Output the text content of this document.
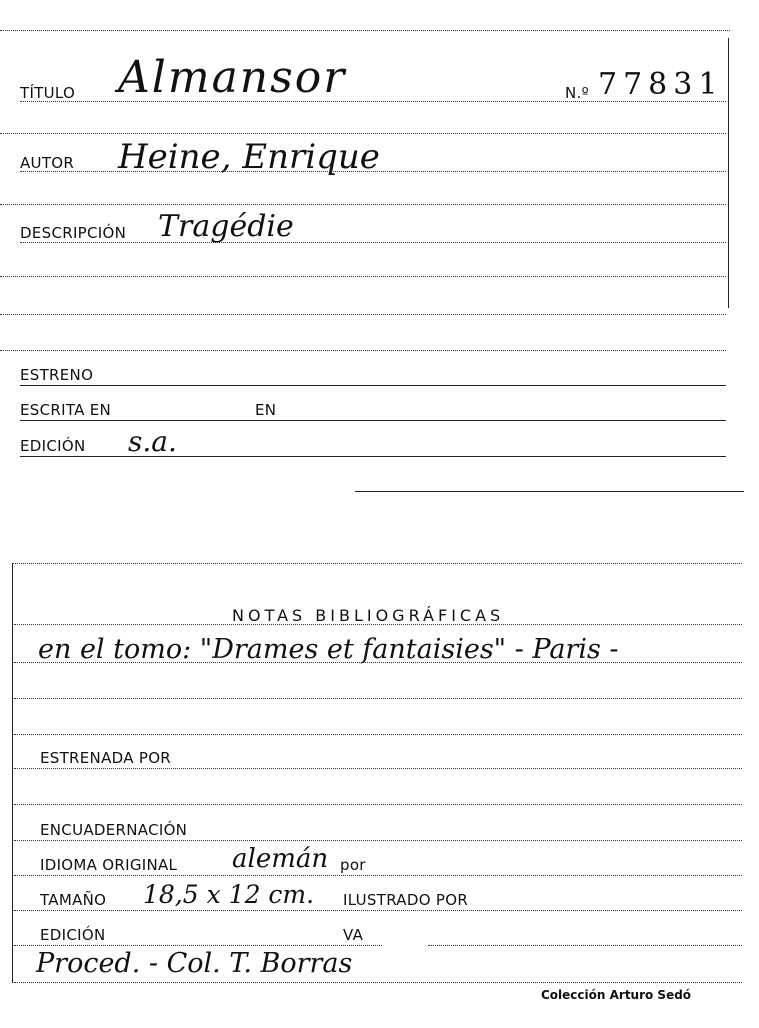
TÍTULO Almansor	N.º 77831
AUTOR Heine, Enrique
DESCRIPCIÓN Tragédie
ESTRENO
ESCRITA EN	EN
EDICIÓN s.a.
NOTAS BIBLIOGRÁFICAS
en el tomo: "Drames et fantaisies" - Paris -
ESTRENADA POR
ENCUADERNACIÓN
IDIOMA ORIGINAL alemán por
TAMAÑO 18,5 x 12 cm. ILUSTRADO POR
EDICIÓN	VA
Proced. - Col. T. Borras
Colección Arturo Sedó
